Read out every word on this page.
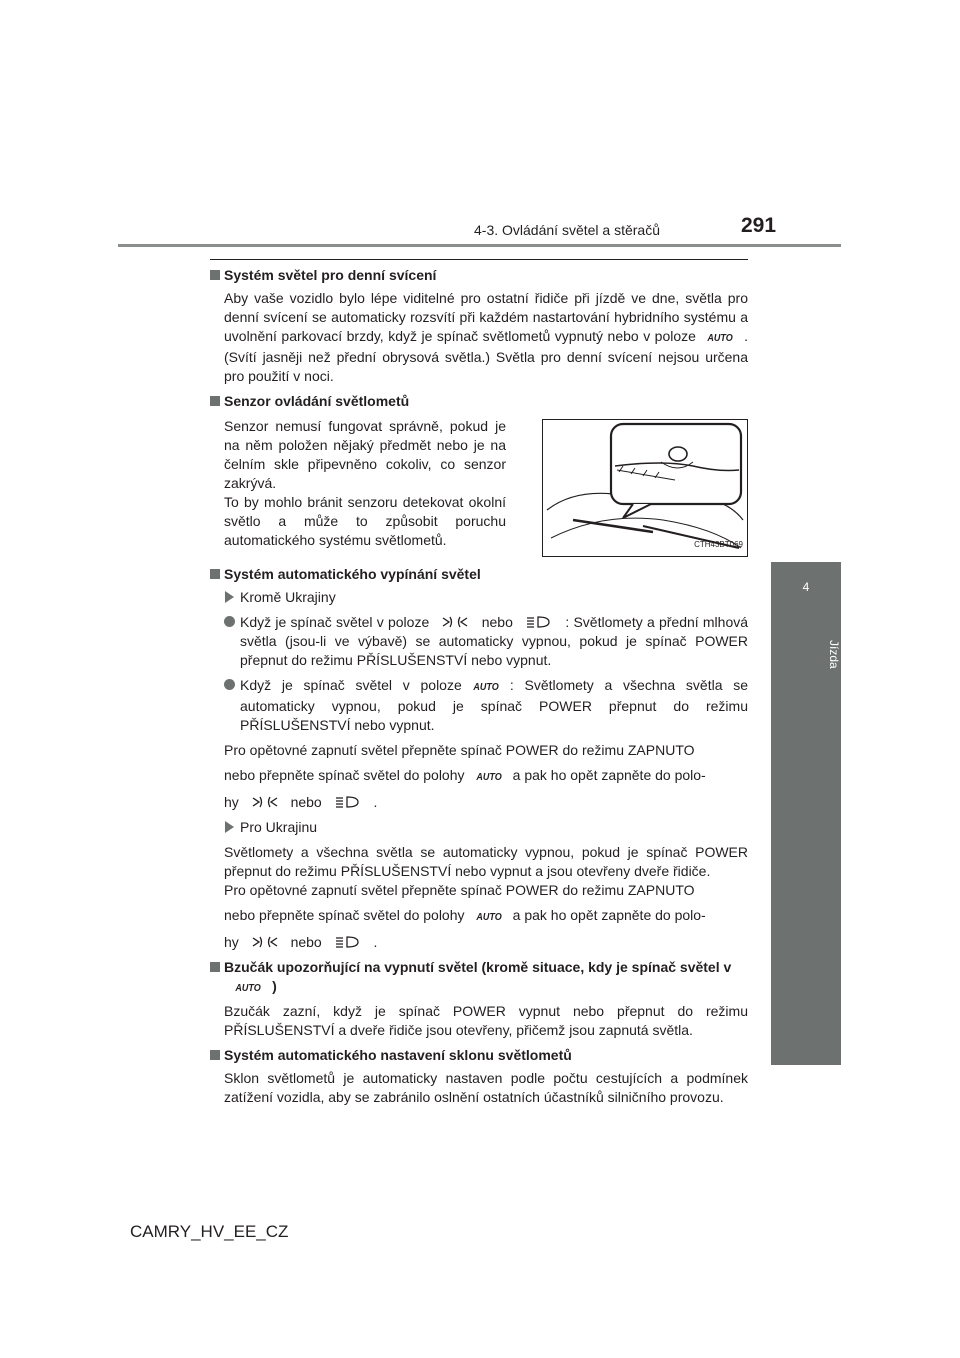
4-3. Ovládání světel a stěračů	291
4
Jízda
Systém světel pro denní svícení
Aby vaše vozidlo bylo lépe viditelné pro ostatní řidiče při jízdě ve dne, světla pro denní svícení se automaticky rozsvítí při každém nastartování hybridního systému a uvolnění parkovací brzdy, když je spínač světlometů vypnutý nebo v poloze AUTO . (Svítí jasněji než přední obrysová světla.) Světla pro denní svícení nejsou určena pro použití v noci.
Senzor ovládání světlometů
Senzor nemusí fungovat správně, pokud je na něm položen nějaký předmět nebo je na čelním skle připevněno cokoliv, co senzor zakrývá.
To by mohlo bránit senzoru detekovat okolní světlo a může to způsobit poruchu automatického systému světlometů.	CTH43BT069
Systém automatického vypínání světel
Kromě Ukrajiny
Když je spínač světel v poloze	nebo	: Světlomety a přední mlhová světla (jsou-li ve výbavě) se automaticky vypnou, pokud je spínač POWER přepnut do režimu PŘÍSLUŠENSTVÍ nebo vypnut.
Když je spínač světel v poloze AUTO : Světlomety a všechna světla se automaticky vypnou, pokud je spínač POWER přepnut do režimu PŘÍSLUŠENSTVÍ nebo vypnut.
Pro opětovné zapnutí světel přepněte spínač POWER do režimu ZAPNUTO
nebo přepněte spínač světel do polohy AUTO a pak ho opět zapněte do polo-
hy	nebo	.
Pro Ukrajinu
Světlomety a všechna světla se automaticky vypnou, pokud je spínač POWER přepnut do režimu PŘÍSLUŠENSTVÍ nebo vypnut a jsou otevřeny dveře řidiče.
Pro opětovné zapnutí světel přepněte spínač POWER do režimu ZAPNUTO
nebo přepněte spínač světel do polohy AUTO a pak ho opět zapněte do polo-
hy	nebo	.
Bzučák upozorňující na vypnutí světel (kromě situace, kdy je spínač světel vAUTO )
Bzučák zazní, když je spínač POWER vypnut nebo přepnut do režimu PŘÍSLUŠENSTVÍ a dveře řidiče jsou otevřeny, přičemž jsou zapnutá světla.
Systém automatického nastavení sklonu světlometů
Sklon světlometů je automaticky nastaven podle počtu cestujících a podmínek zatížení vozidla, aby se zabránilo oslnění ostatních účastníků silničního provozu.
CAMRY_HV_EE_CZ
